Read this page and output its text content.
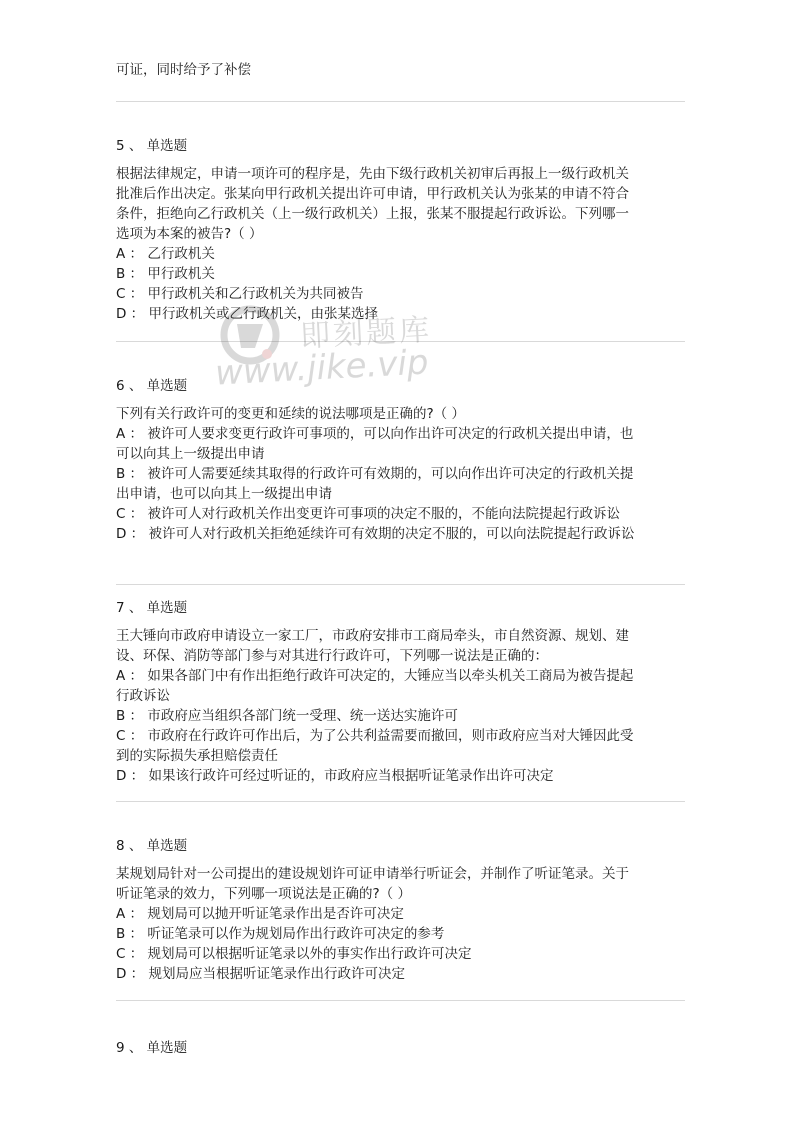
可证，同时给予了补偿
5 、 单选题
根据法律规定，申请一项许可的程序是，先由下级行政机关初审后再报上一级行政机关
批准后作出决定。张某向甲行政机关提出许可申请，甲行政机关认为张某的申请不符合
条件，拒绝向乙行政机关（上一级行政机关）上报，张某不服提起行政诉讼。下列哪一
选项为本案的被告?（ ）
A ： 乙行政机关
B ： 甲行政机关
C ： 甲行政机关和乙行政机关为共同被告
D ： 甲行政机关或乙行政机关，由张某选择
6 、 单选题
下列有关行政许可的变更和延续的说法哪项是正确的?（ ）
A ： 被许可人要求变更行政许可事项的，可以向作出许可决定的行政机关提出申请，也
可以向其上一级提出申请
B ： 被许可人需要延续其取得的行政许可有效期的，可以向作出许可决定的行政机关提
出申请，也可以向其上一级提出申请
C ： 被许可人对行政机关作出变更许可事项的决定不服的，不能向法院提起行政诉讼
D ： 被许可人对行政机关拒绝延续许可有效期的决定不服的，可以向法院提起行政诉讼
7 、 单选题
王大锤向市政府申请设立一家工厂，市政府安排市工商局牵头，市自然资源、规划、建
设、环保、消防等部门参与对其进行行政许可，下列哪一说法是正确的：
A ： 如果各部门中有作出拒绝行政许可决定的，大锤应当以牵头机关工商局为被告提起
行政诉讼
B ： 市政府应当组织各部门统一受理、统一送达实施许可
C ： 市政府在行政许可作出后，为了公共利益需要而撤回，则市政府应当对大锤因此受
到的实际损失承担赔偿责任
D ： 如果该行政许可经过听证的，市政府应当根据听证笔录作出许可决定
8 、 单选题
某规划局针对一公司提出的建设规划许可证申请举行听证会，并制作了听证笔录。关于
听证笔录的效力，下列哪一项说法是正确的?（ ）
A ： 规划局可以抛开听证笔录作出是否许可决定
B ： 听证笔录可以作为规划局作出行政许可决定的参考
C ： 规划局可以根据听证笔录以外的事实作出行政许可决定
D ： 规划局应当根据听证笔录作出行政许可决定
9 、 单选题
即刻题库
www.jike.vip
